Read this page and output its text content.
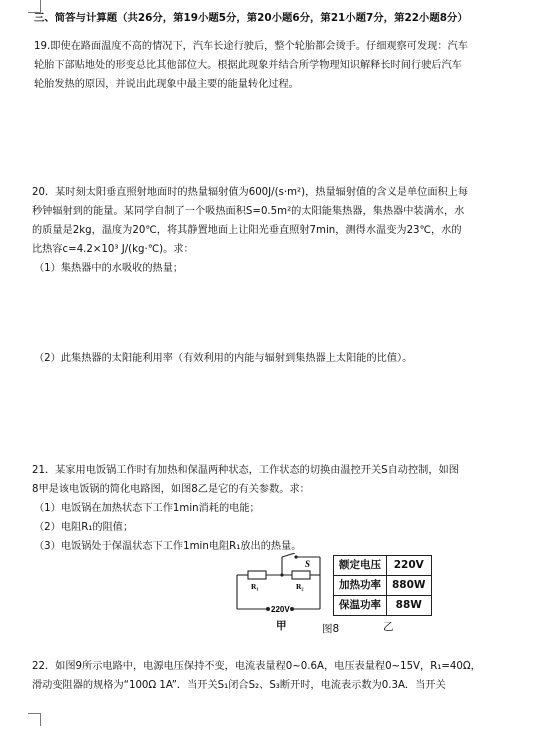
三、简答与计算题（共26分，第19小题5分，第20小题6分，第21小题7分，第22小题8分）
19.即使在路面温度不高的情况下，汽车长途行驶后，整个轮胎都会烫手。仔细观察可发现：汽车
轮胎下部贴地处的形变总比其他部位大。根据此现象并结合所学物理知识解释长时间行驶后汽车
轮胎发热的原因，并说出此现象中最主要的能量转化过程。
20．某时刻太阳垂直照射地面时的热量辐射值为600J/(s·m²)，热量辐射值的含义是单位面积上每
秒钟辐射到的能量。某同学自制了一个吸热面积S=0.5m²的太阳能集热器，集热器中装满水，水
的质量是2kg，温度为20℃，将其静置地面上让阳光垂直照射7min，测得水温变为23℃，水的
比热容c=4.2×10³ J/(kg·℃)。求：
（1）集热器中的水吸收的热量；
（2）此集热器的太阳能利用率（有效利用的内能与辐射到集热器上太阳能的比值）。
21．某家用电饭锅工作时有加热和保温两种状态，工作状态的切换由温控开关S自动控制，如图
8甲是该电饭锅的简化电路图，如图8乙是它的有关参数。求：
（1）电饭锅在加热状态下工作1min消耗的电能；
（2）电阻R₁的阻值；
（3）电饭锅处于保温状态下工作1min电阻R₁放出的热量。
S
R₁	R₂
220V
额定电压	220V
加热功率	880W
保温功率	88W
甲	图8	乙
22．如图9所示电路中，电源电压保持不变，电流表量程0~0.6A，电压表量程0~15V，R₁=40Ω，
滑动变阻器的规格为“100Ω 1A”．当开关S₁闭合S₂、S₃断开时，电流表示数为0.3A．当开关
